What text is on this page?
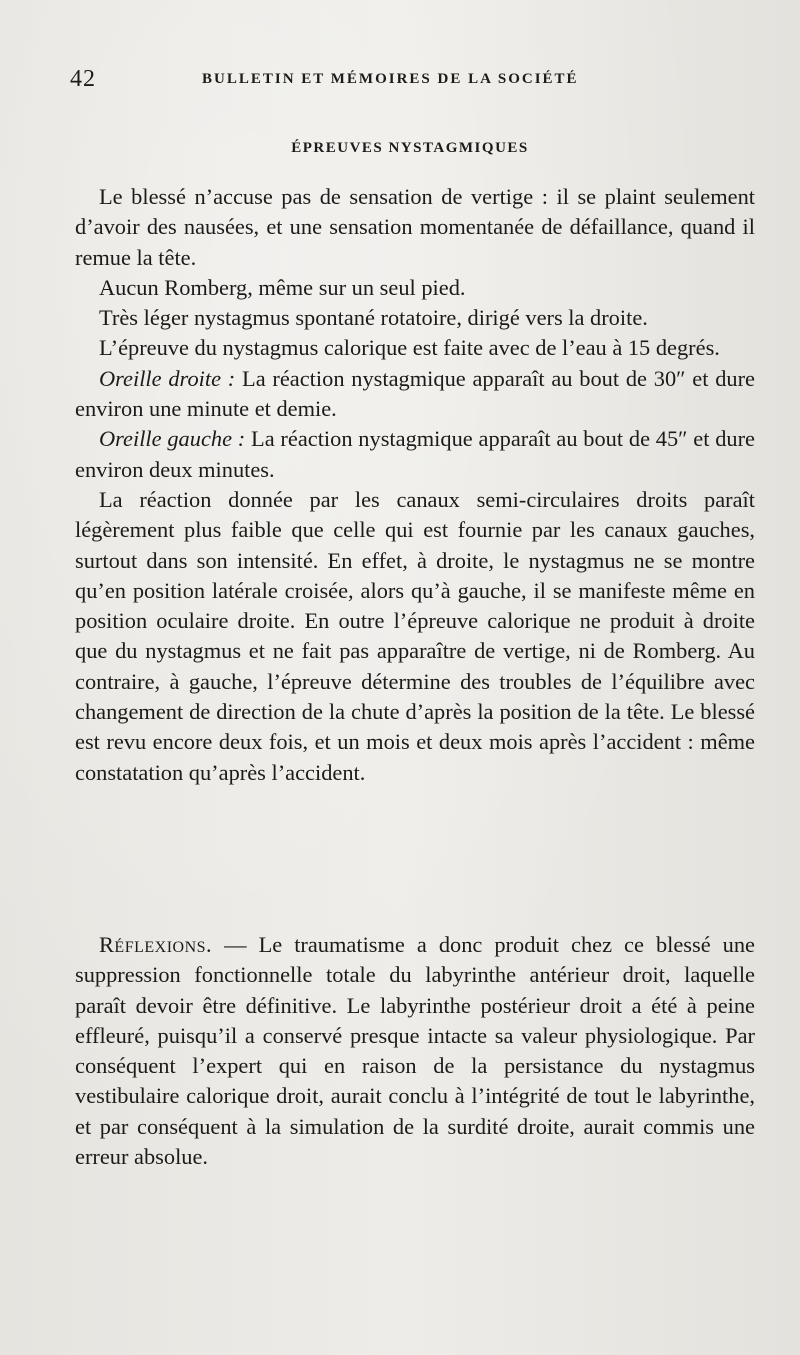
42	BULLETIN ET MÉMOIRES DE LA SOCIÉTÉ
ÉPREUVES NYSTAGMIQUES

Le blessé n’accuse pas de sensation de vertige : il se plaint seulement d’avoir des nausées, et une sensation momentanée de défaillance, quand il remue la tête.

Aucun Romberg, même sur un seul pied.

Très léger nystagmus spontané rotatoire, dirigé vers la droite.

L’épreuve du nystagmus calorique est faite avec de l’eau à 15 degrés.

Oreille droite : La réaction nystagmique apparaît au bout de 30″ et dure environ une minute et demie.

Oreille gauche : La réaction nystagmique apparaît au bout de 45″ et dure environ deux minutes.

La réaction donnée par les canaux semi-circulaires droits paraît légèrement plus faible que celle qui est fournie par les canaux gauches, surtout dans son intensité. En effet, à droite, le nystagmus ne se montre qu’en position latérale croisée, alors qu’à gauche, il se manifeste même en position oculaire droite. En outre l’épreuve calorique ne produit à droite que du nystagmus et ne fait pas apparaître de vertige, ni de Romberg. Au contraire, à gauche, l’épreuve détermine des troubles de l’équilibre avec changement de direction de la chute d’après la position de la tête. Le blessé est revu encore deux fois, et un mois et deux mois après l’accident : même constatation qu’après l’accident.

Réflexions. — Le traumatisme a donc produit chez ce blessé une suppression fonctionnelle totale du labyrinthe antérieur droit, laquelle paraît devoir être définitive. Le labyrinthe postérieur droit a été à peine effleuré, puisqu’il a conservé presque intacte sa valeur physiologique. Par conséquent l’expert qui en raison de la persistance du nystagmus vestibulaire calorique droit, aurait conclu à l’intégrité de tout le labyrinthe, et par conséquent à la simulation de la surdité droite, aurait commis une erreur absolue.
